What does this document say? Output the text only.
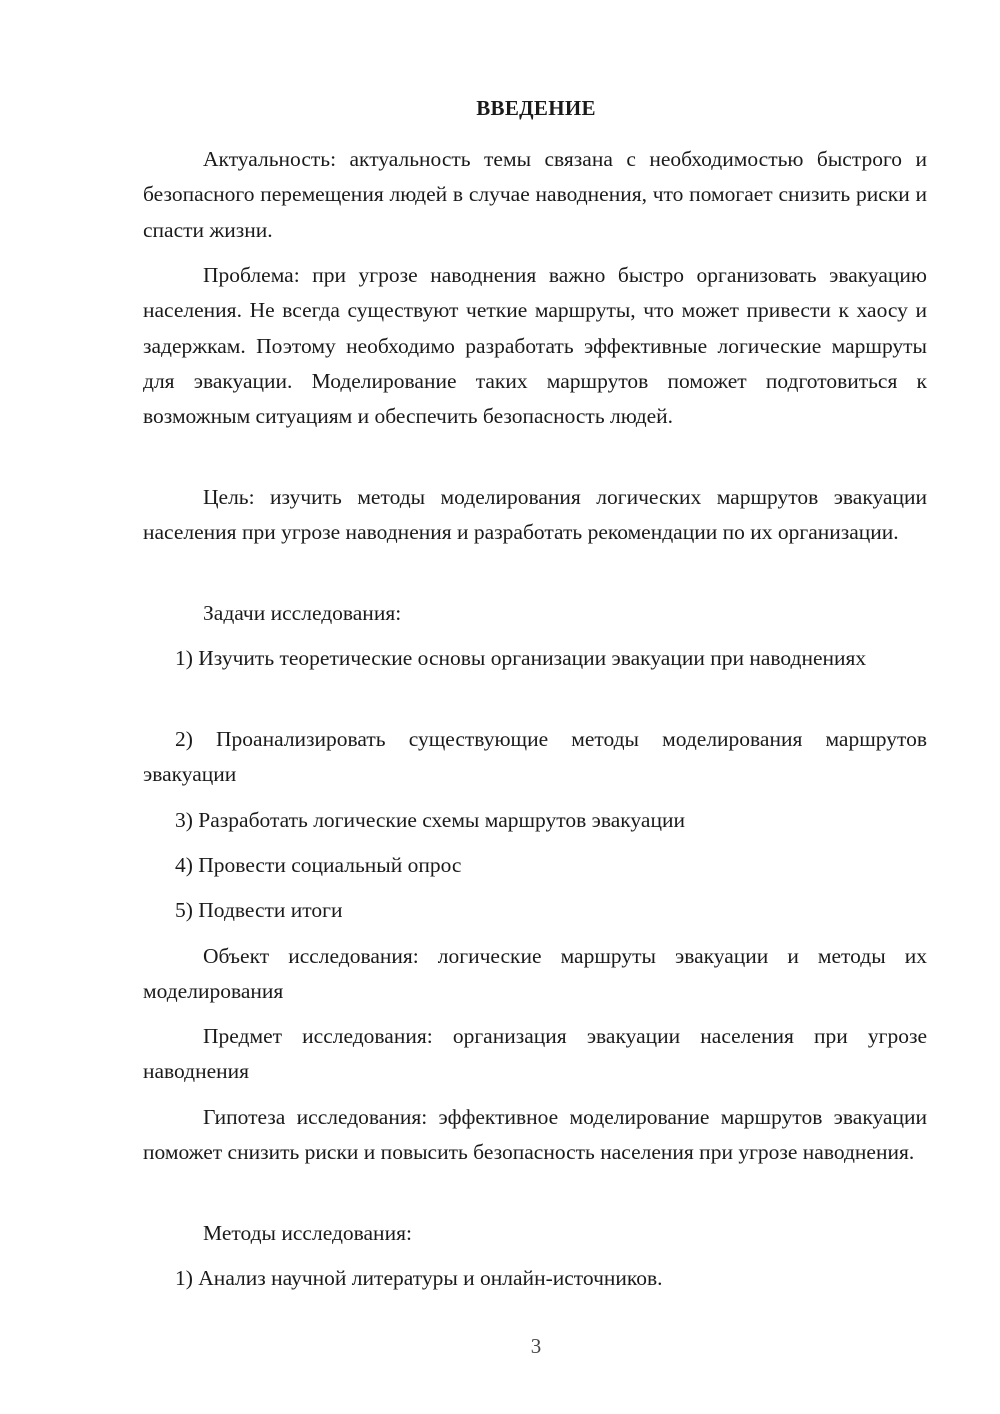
ВВЕДЕНИЕ

Актуальность: актуальность темы связана с необходимостью быстрого и безопасного перемещения людей в случае наводнения, что помогает снизить риски и спасти жизни.

Проблема: при угрозе наводнения важно быстро организовать эвакуацию населения. Не всегда существуют четкие маршруты, что может привести к хаосу и задержкам. Поэтому необходимо разработать эффективные логические маршруты для эвакуации. Моделирование таких маршрутов поможет подготовиться к возможным ситуациям и обеспечить безопасность людей.

Цель: изучить методы моделирования логических маршрутов эвакуации населения при угрозе наводнения и разработать рекомендации по их организации.

Задачи исследования:

1) Изучить теоретические основы организации эвакуации при наводнениях

2) Проанализировать существующие методы моделирования маршрутов эвакуации

3) Разработать логические схемы маршрутов эвакуации

4) Провести социальный опрос

5) Подвести итоги

Объект исследования: логические маршруты эвакуации и методы их моделирования

Предмет исследования: организация эвакуации населения при угрозе наводнения

Гипотеза исследования: эффективное моделирование маршрутов эвакуации поможет снизить риски и повысить безопасность населения при угрозе наводнения.

Методы исследования:

1) Анализ научной литературы и онлайн-источников.

3
